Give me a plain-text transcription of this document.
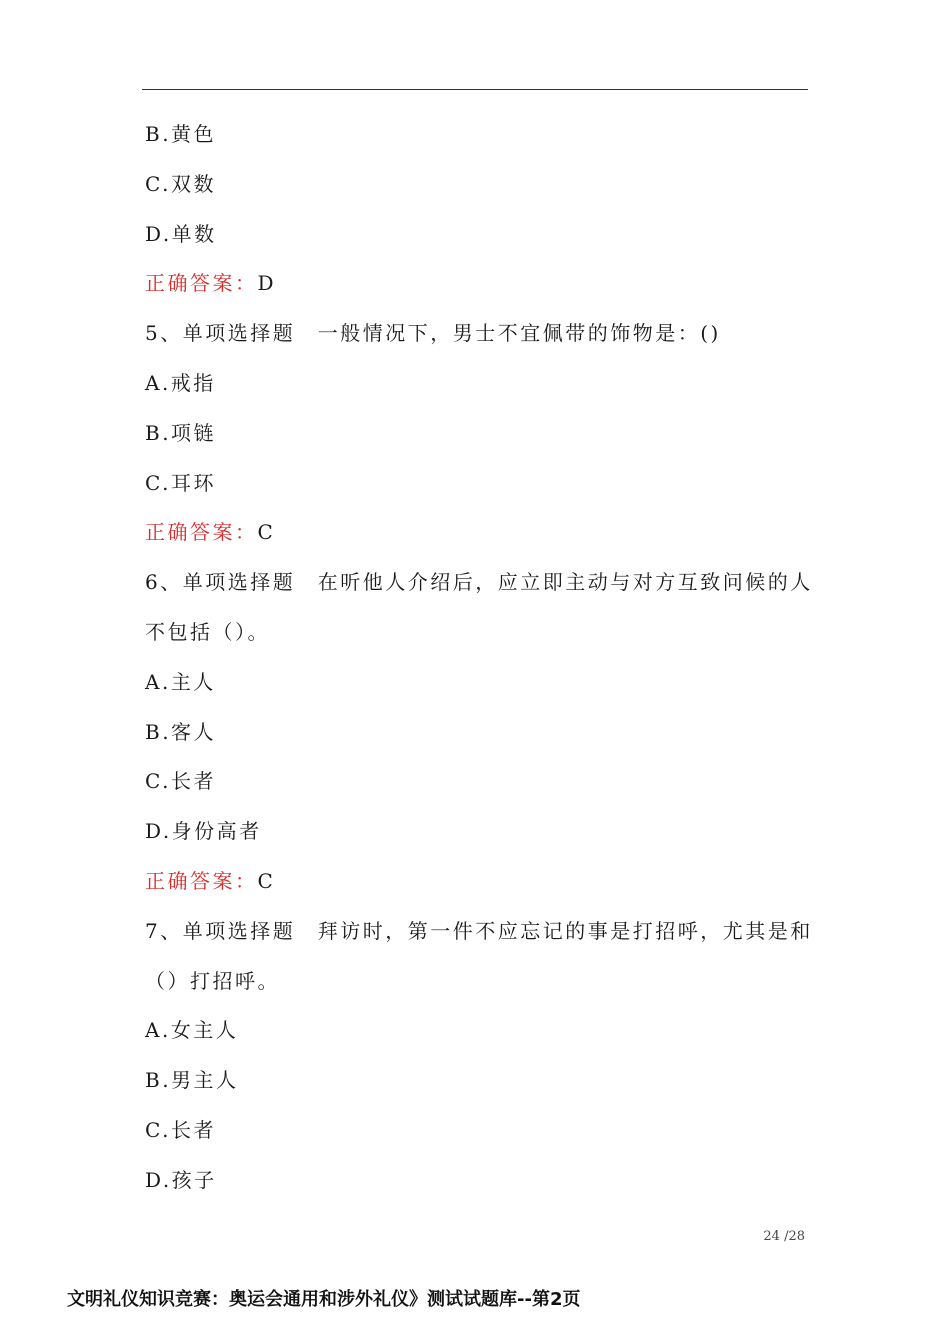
B.黄色
C.双数
D.单数
正确答案：D
5、单项选择题　一般情况下，男士不宜佩带的饰物是：()
A.戒指
B.项链
C.耳环
正确答案：C
6、单项选择题　在听他人介绍后，应立即主动与对方互致问候的人
不包括（）。
A.主人
B.客人
C.长者
D.身份高者
正确答案：C
7、单项选择题　拜访时，第一件不应忘记的事是打招呼，尤其是和
（）打招呼。
A.女主人
B.男主人
C.长者
D.孩子
24 /28
文明礼仪知识竞赛：奥运会通用和涉外礼仪》测试试题库--第2页
